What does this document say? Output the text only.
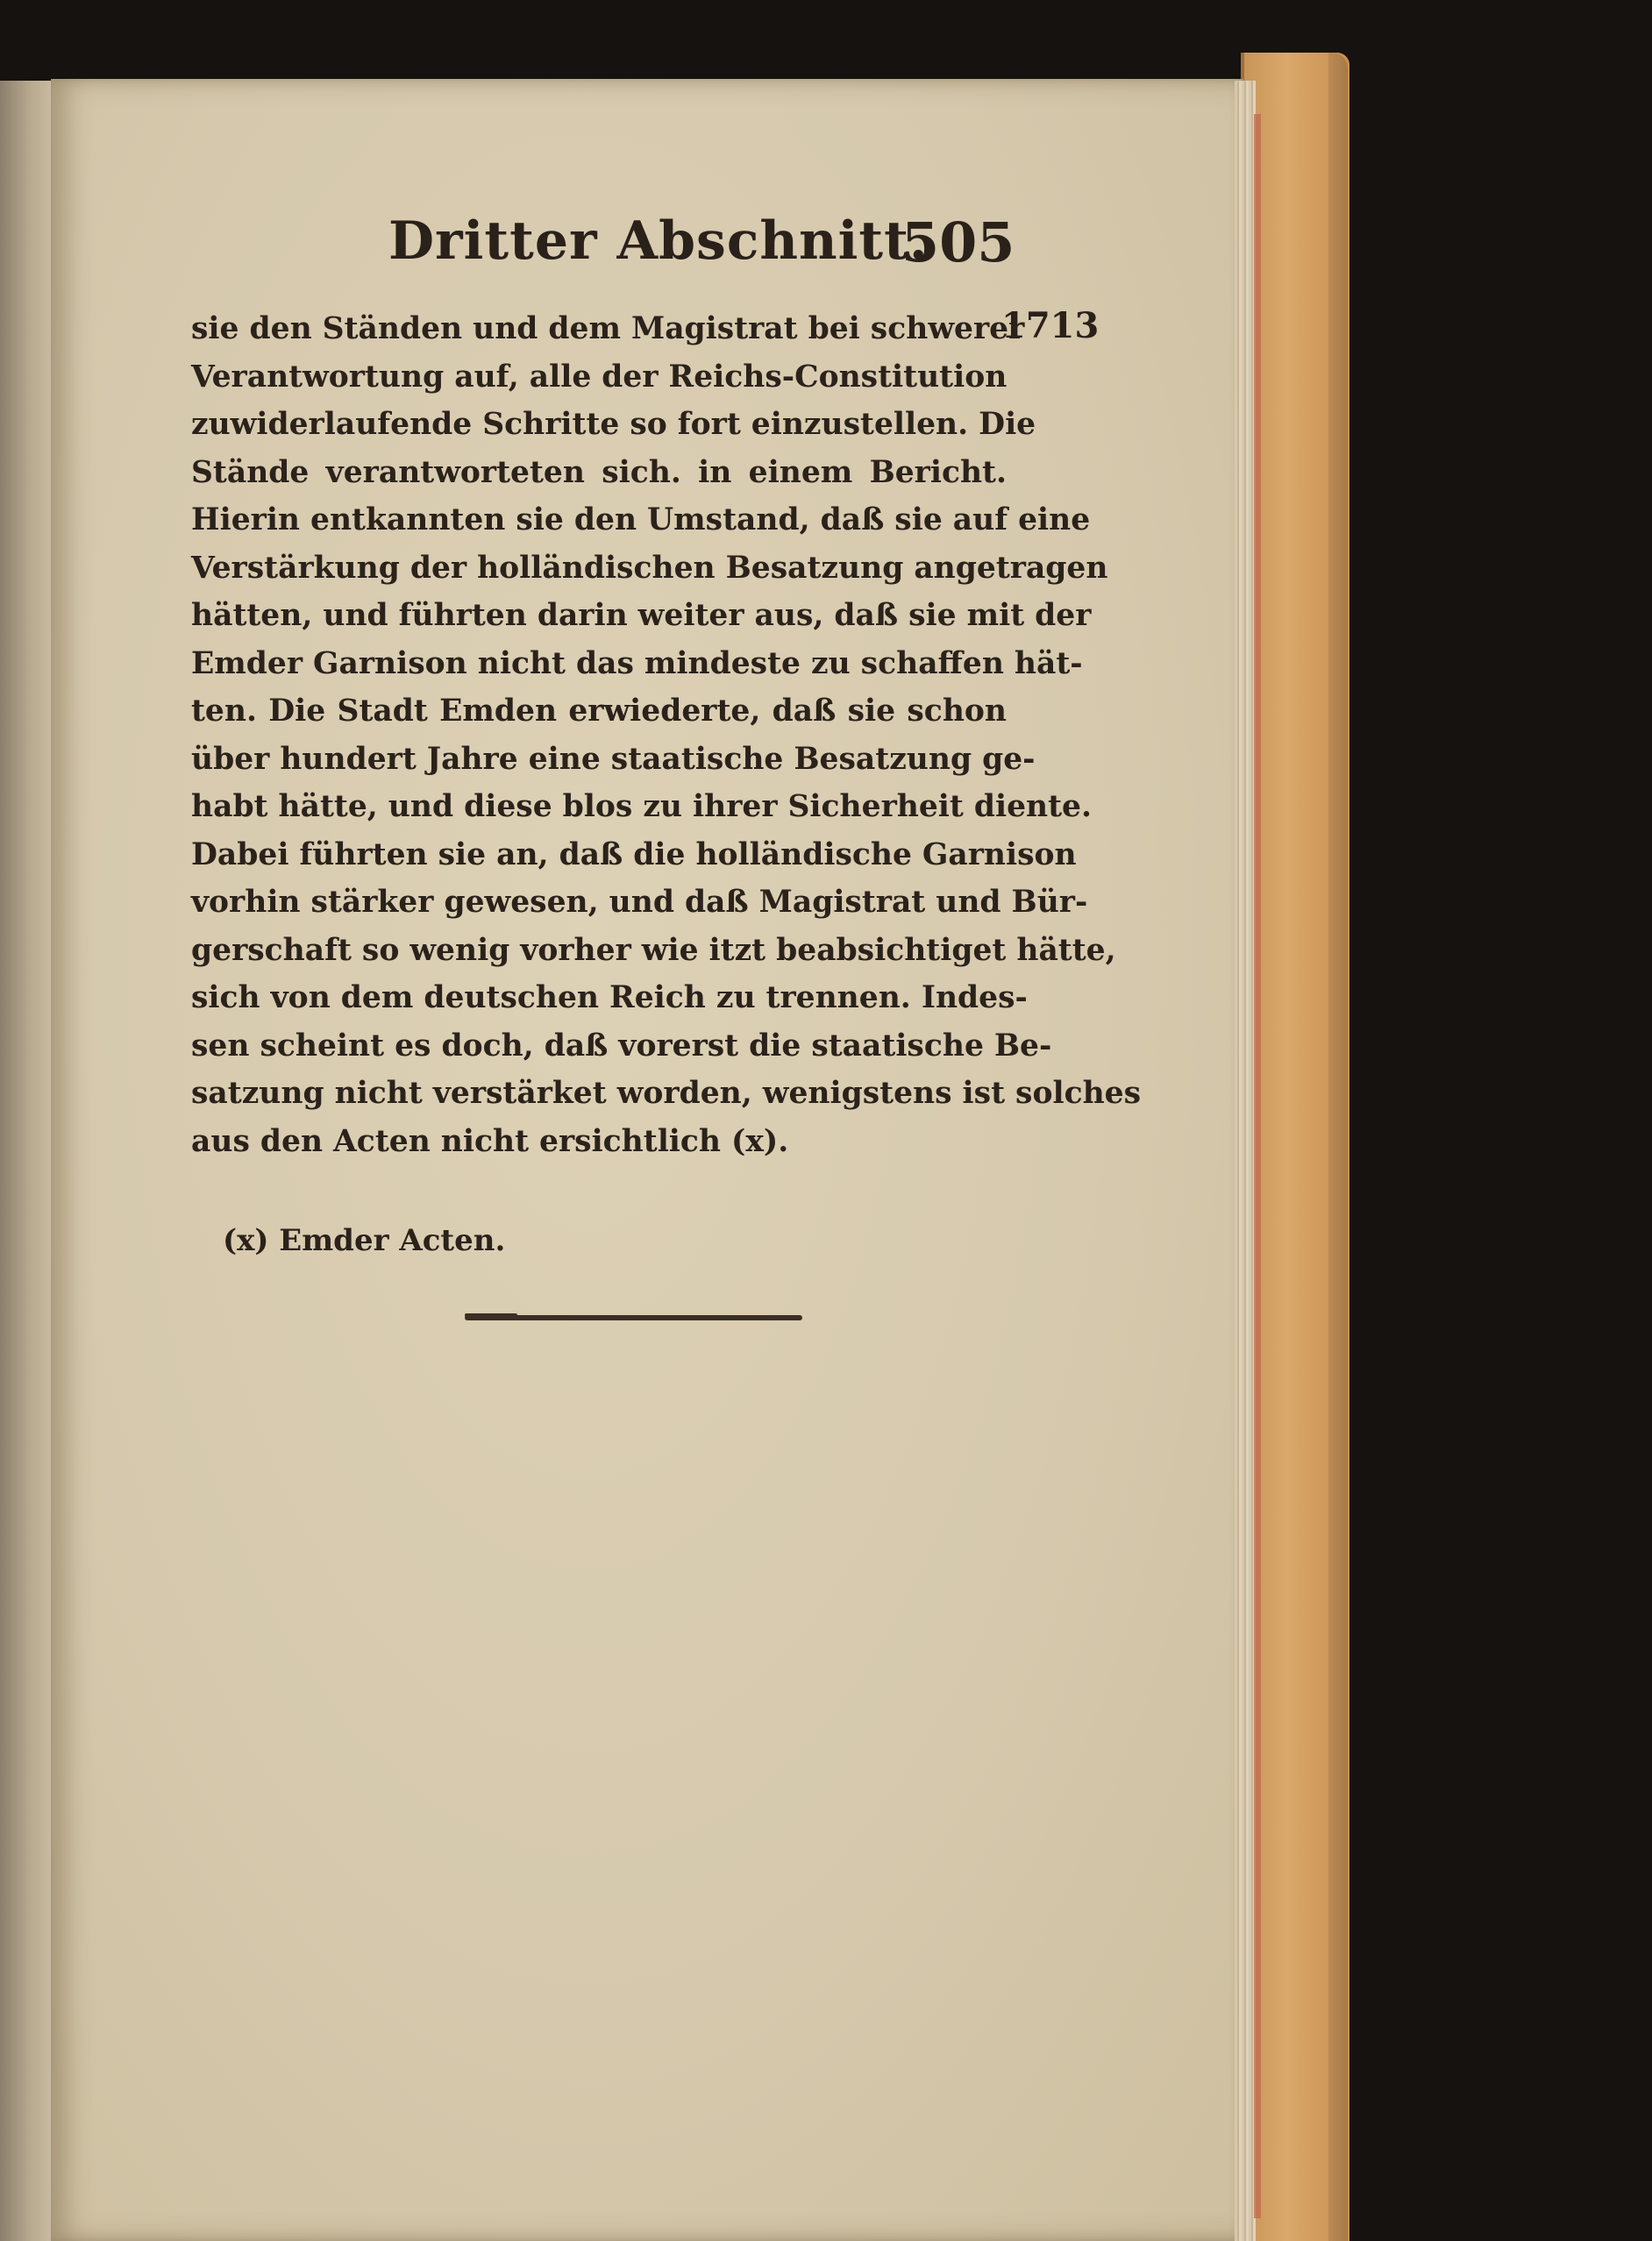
Dritter Abschnitt.
505
1713
sie den Ständen und dem Magistrat bei schwerer
Verantwortung auf, alle der Reichs-Constitution
zuwiderlaufende Schritte so fort einzustellen. Die
Stände verantworteten sich. in einem Bericht.
Hierin entkannten sie den Umstand, daß sie auf eine
Verstärkung der holländischen Besatzung angetragen
hätten, und führten darin weiter aus, daß sie mit der
Emder Garnison nicht das mindeste zu schaffen hät-
ten. Die Stadt Emden erwiederte, daß sie schon
über hundert Jahre eine staatische Besatzung ge-
habt hätte, und diese blos zu ihrer Sicherheit diente.
Dabei führten sie an, daß die holländische Garnison
vorhin stärker gewesen, und daß Magistrat und Bür-
gerschaft so wenig vorher wie itzt beabsichtiget hätte,
sich von dem deutschen Reich zu trennen. Indes-
sen scheint es doch, daß vorerst die staatische Be-
satzung nicht verstärket worden, wenigstens ist solches
aus den Acten nicht ersichtlich (x).
(x) Emder Acten.
